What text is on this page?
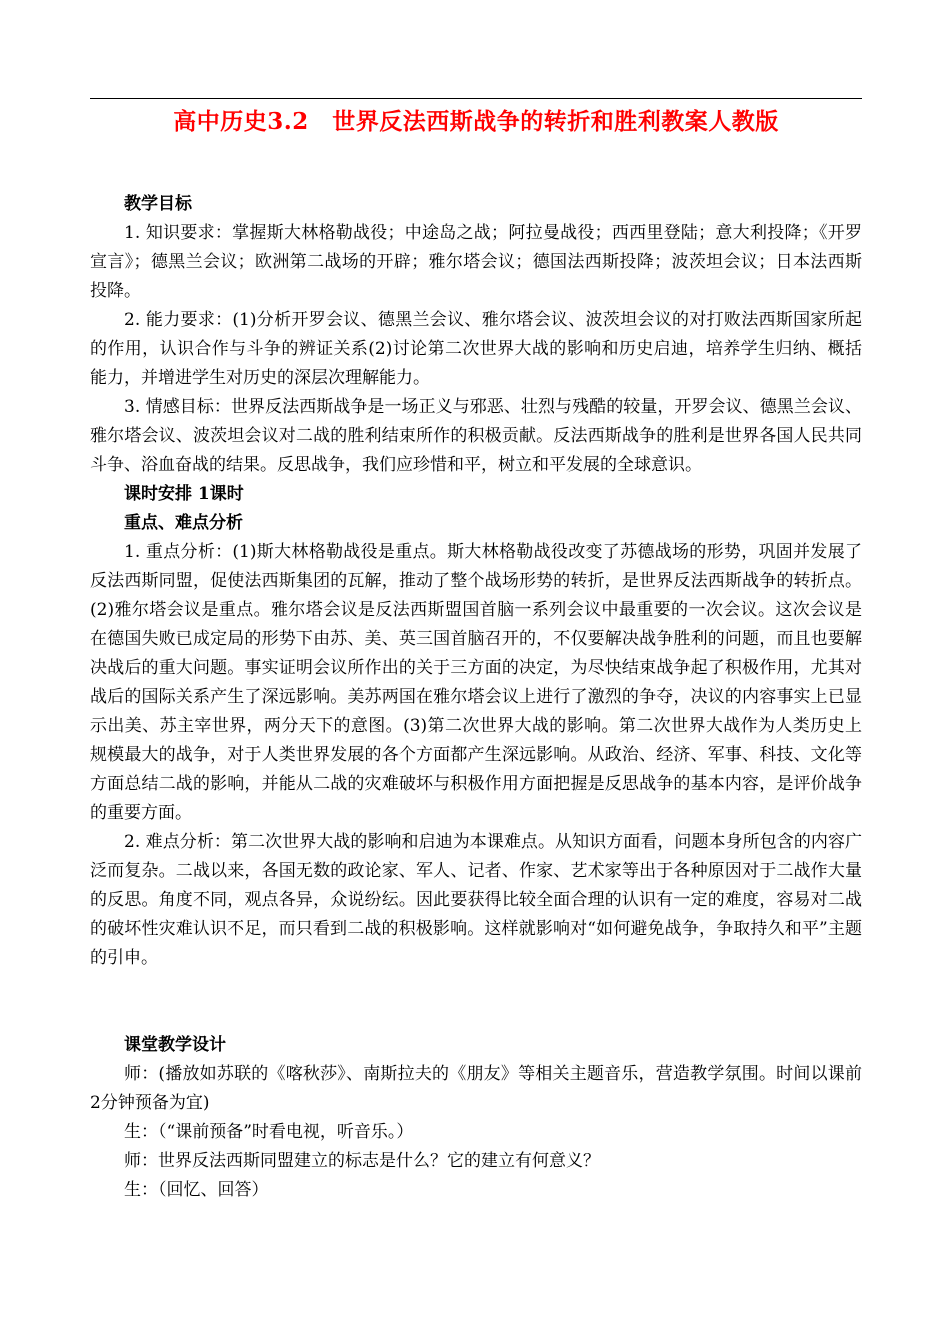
高中历史3.2　世界反法西斯战争的转折和胜利教案人教版

教学目标

1. 知识要求：掌握斯大林格勒战役；中途岛之战；阿拉曼战役；西西里登陆；意大利投降；《开罗宣言》；德黑兰会议；欧洲第二战场的开辟；雅尔塔会议；德国法西斯投降；波茨坦会议；日本法西斯投降。

2. 能力要求：(1)分析开罗会议、德黑兰会议、雅尔塔会议、波茨坦会议的对打败法西斯国家所起的作用，认识合作与斗争的辨证关系(2)讨论第二次世界大战的影响和历史启迪，培养学生归纳、概括能力，并增进学生对历史的深层次理解能力。

3. 情感目标：世界反法西斯战争是一场正义与邪恶、壮烈与残酷的较量，开罗会议、德黑兰会议、雅尔塔会议、波茨坦会议对二战的胜利结束所作的积极贡献。反法西斯战争的胜利是世界各国人民共同斗争、浴血奋战的结果。反思战争，我们应珍惜和平，树立和平发展的全球意识。

课时安排 1课时

重点、难点分析

1. 重点分析：(1)斯大林格勒战役是重点。斯大林格勒战役改变了苏德战场的形势，巩固并发展了反法西斯同盟，促使法西斯集团的瓦解，推动了整个战场形势的转折，是世界反法西斯战争的转折点。(2)雅尔塔会议是重点。雅尔塔会议是反法西斯盟国首脑一系列会议中最重要的一次会议。这次会议是在德国失败已成定局的形势下由苏、美、英三国首脑召开的，不仅要解决战争胜利的问题，而且也要解决战后的重大问题。事实证明会议所作出的关于三方面的决定，为尽快结束战争起了积极作用，尤其对战后的国际关系产生了深远影响。美苏两国在雅尔塔会议上进行了激烈的争夺，决议的内容事实上已显示出美、苏主宰世界，两分天下的意图。(3)第二次世界大战的影响。第二次世界大战作为人类历史上规模最大的战争，对于人类世界发展的各个方面都产生深远影响。从政治、经济、军事、科技、文化等方面总结二战的影响，并能从二战的灾难破坏与积极作用方面把握是反思战争的基本内容，是评价战争的重要方面。

2. 难点分析：第二次世界大战的影响和启迪为本课难点。从知识方面看，问题本身所包含的内容广泛而复杂。二战以来，各国无数的政论家、军人、记者、作家、艺术家等出于各种原因对于二战作大量的反思。角度不同，观点各异，众说纷纭。因此要获得比较全面合理的认识有一定的难度，容易对二战的破坏性灾难认识不足，而只看到二战的积极影响。这样就影响对“如何避免战争，争取持久和平”主题的引申。

课堂教学设计

师：(播放如苏联的《喀秋莎》、南斯拉夫的《朋友》等相关主题音乐，营造教学氛围。时间以课前2分钟预备为宜)

生：（“课前预备”时看电视，听音乐。）

师：世界反法西斯同盟建立的标志是什么？它的建立有何意义？

生：（回忆、回答）
